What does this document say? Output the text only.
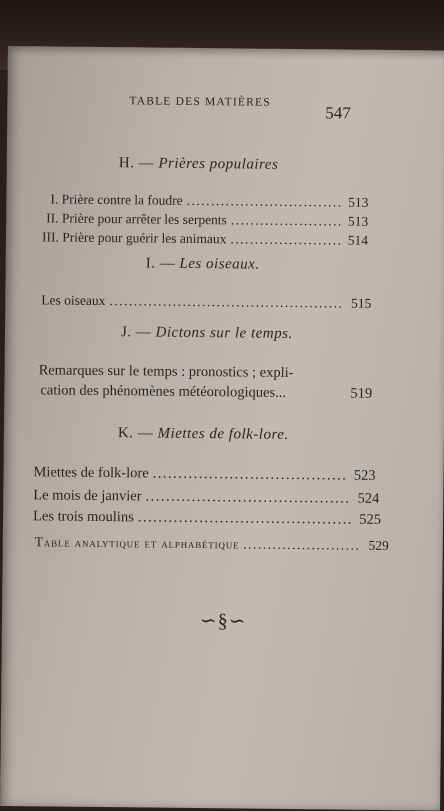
TABLE DES MATIÈRES
547
H. — Prières populaires
I. Prière contre la foudre .....	513
II. Prière pour arrêter les serpents .....	513
III. Prière pour guérir les animaux .....	514
I. — Les oiseaux.
Les oiseaux .....	515
J. — Dictons sur le temps.
Remarques sur le temps : pronostics ; expli-
cation des phénomènes météorologiques...	519
K. — Miettes de folk-lore.
Miettes de folk-lore .....	523
Le mois de janvier .....	524
Les trois moulins .....	525
Table analytique et alphabétique .....	529
∽§∽
